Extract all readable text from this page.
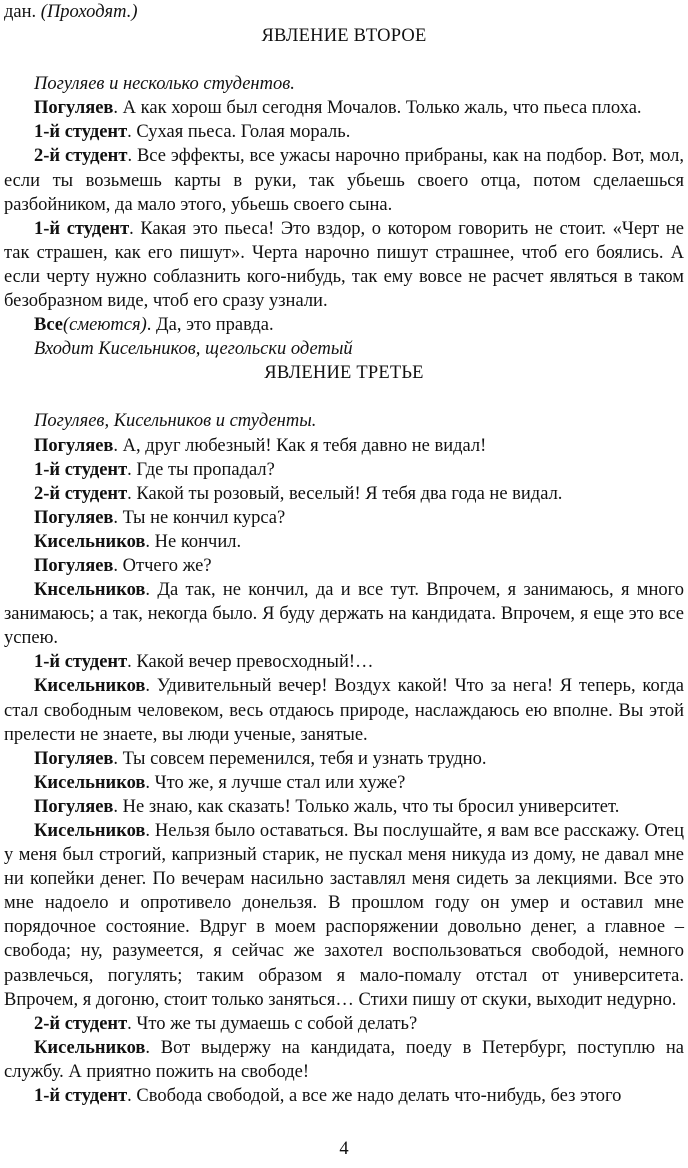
дан. (Проходят.)

ЯВЛЕНИЕ ВТОРОЕ

Погуляев и несколько студентов.

Погуляев. А как хорош был сегодня Мочалов. Только жаль, что пьеса плоха.

1-й студент. Сухая пьеса. Голая мораль.

2-й студент. Все эффекты, все ужасы нарочно прибраны, как на подбор. Вот, мол, если ты возьмешь карты в руки, так убьешь своего отца, потом сделаешься разбойником, да мало этого, убьешь своего сына.

1-й студент. Какая это пьеса! Это вздор, о котором говорить не стоит. «Черт не так страшен, как его пишут». Черта нарочно пишут страшнее, чтоб его боялись. А если черту нужно соблазнить кого-нибудь, так ему вовсе не расчет являться в таком безобразном виде, чтоб его сразу узнали.

Все(смеются). Да, это правда.

Входит Кисельников, щегольски одетый

ЯВЛЕНИЕ ТРЕТЬЕ

Погуляев, Кисельников и студенты.

Погуляев. А, друг любезный! Как я тебя давно не видал!

1-й студент. Где ты пропадал?

2-й студент. Какой ты розовый, веселый! Я тебя два года не видал.

Погуляев. Ты не кончил курса?

Кисельников. Не кончил.

Погуляев. Отчего же?

Кнсельников. Да так, не кончил, да и все тут. Впрочем, я занимаюсь, я много занимаюсь; а так, некогда было. Я буду держать на кандидата. Впрочем, я еще это все успею.

1-й студент. Какой вечер превосходный!…

Кисельников. Удивительный вечер! Воздух какой! Что за нега! Я теперь, когда стал свободным человеком, весь отдаюсь природе, наслаждаюсь ею вполне. Вы этой прелести не знаете, вы люди ученые, занятые.

Погуляев. Ты совсем переменился, тебя и узнать трудно.

Кисельников. Что же, я лучше стал или хуже?

Погуляев. Не знаю, как сказать! Только жаль, что ты бросил университет.

Кисельников. Нельзя было оставаться. Вы послушайте, я вам все расскажу. Отец у меня был строгий, капризный старик, не пускал меня никуда из дому, не давал мне ни копейки денег. По вечерам насильно заставлял меня сидеть за лекциями. Все это мне надоело и опротивело донельзя. В прошлом году он умер и оставил мне порядочное состояние. Вдруг в моем распоряжении довольно денег, а главное – свобода; ну, разумеется, я сейчас же захотел воспользоваться свободой, немного развлечься, погулять; таким образом я мало-помалу отстал от университета. Впрочем, я догоню, стоит только заняться… Стихи пишу от скуки, выходит недурно.

2-й студент. Что же ты думаешь с собой делать?

Кисельников. Вот выдержу на кандидата, поеду в Петербург, поступлю на службу. А приятно пожить на свободе!

1-й студент. Свобода свободой, а все же надо делать что-нибудь, без этого

4
